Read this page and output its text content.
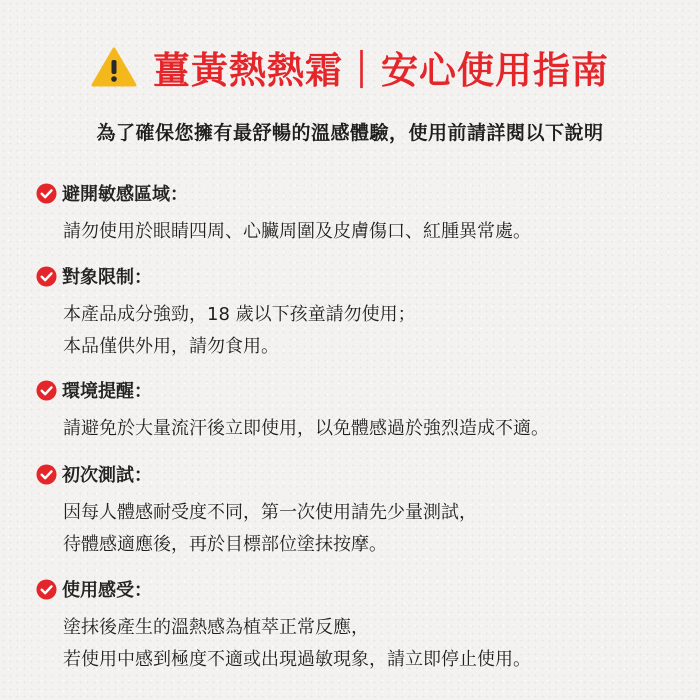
薑黃熱熱霜｜安心使用指南
為了確保您擁有最舒暢的溫感體驗，使用前請詳閱以下說明
避開敏感區域：
請勿使用於眼睛四周、心臟周圍及皮膚傷口、紅腫異常處。
對象限制：
本產品成分強勁，18 歲以下孩童請勿使用；
本品僅供外用，請勿食用。
環境提醒：
請避免於大量流汗後立即使用，以免體感過於強烈造成不適。
初次測試：
因每人體感耐受度不同，第一次使用請先少量測試，
待體感適應後，再於目標部位塗抹按摩。
使用感受：
塗抹後產生的溫熱感為植萃正常反應，
若使用中感到極度不適或出現過敏現象，請立即停止使用。
